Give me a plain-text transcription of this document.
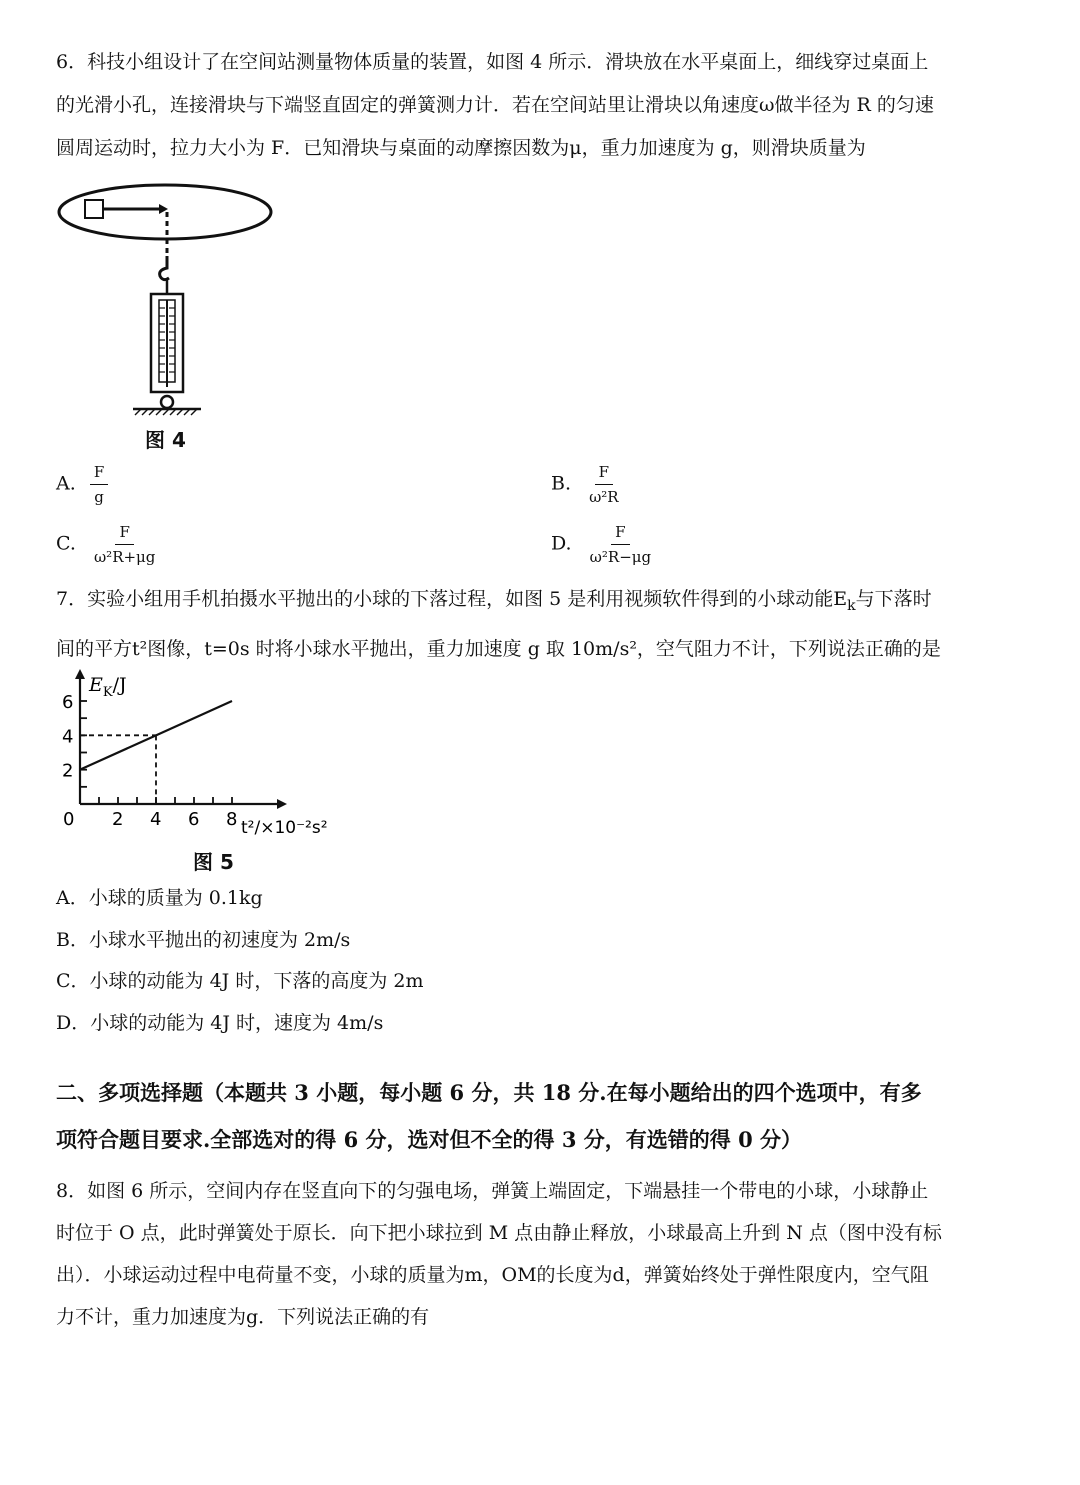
6．科技小组设计了在空间站测量物体质量的装置，如图 4 所示．滑块放在水平桌面上，细线穿过桌面上
的光滑小孔，连接滑块与下端竖直固定的弹簧测力计．若在空间站里让滑块以角速度ω做半径为 R 的匀速
圆周运动时，拉力大小为 F．已知滑块与桌面的动摩擦因数为μ，重力加速度为 g，则滑块质量为
图 4
A. $\frac{F}{g}$	B. $\frac{F}{\text{ω²R}}$
C. $\frac{F}{\text{ω²R+μg}}$	D. $\frac{F}{\text{ω²R−μg}}$
7．实验小组用手机拍摄水平抛出的小球的下落过程，如图 5 是利用视频软件得到的小球动能$E_k$与下落时
间的平方t²图像，t=0s 时将小球水平抛出，重力加速度 g 取 10m/s²，空气阻力不计，下列说法正确的是
2 4 6 8
2
4
6
$E_K/J$
t²/×10⁻²s²
0
图 5
A．小球的质量为 0.1kg
B．小球水平抛出的初速度为 2m/s
C．小球的动能为 4J 时，下落的高度为 2m
D．小球的动能为 4J 时，速度为 4m/s
二、多项选择题（本题共 3 小题，每小题 6 分，共 18 分.在每小题给出的四个选项中，有多
项符合题目要求.全部选对的得 6 分，选对但不全的得 3 分，有选错的得 0 分）
8．如图 6 所示，空间内存在竖直向下的匀强电场，弹簧上端固定，下端悬挂一个带电的小球，小球静止
时位于 O 点，此时弹簧处于原长．向下把小球拉到 M 点由静止释放，小球最高上升到 N 点（图中没有标
出）．小球运动过程中电荷量不变，小球的质量为m，OM的长度为d，弹簧始终处于弹性限度内，空气阻
力不计，重力加速度为g．下列说法正确的有
